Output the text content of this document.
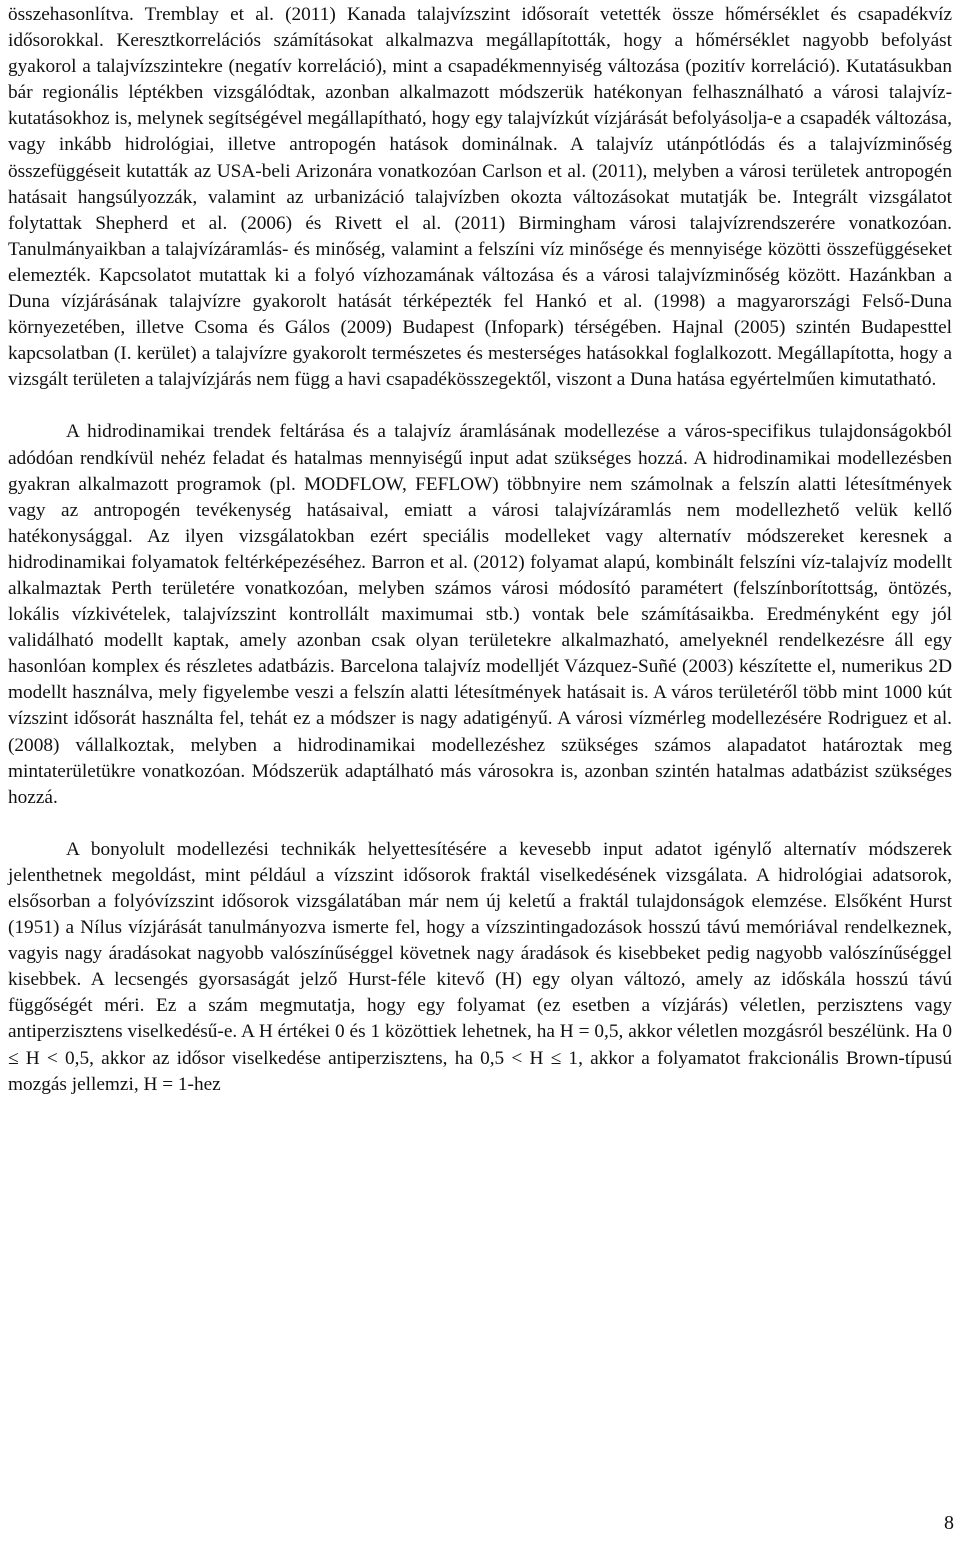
összehasonlítva. Tremblay et al. (2011) Kanada talajvízszint idősoraít vetették össze hőmérséklet és csapadékvíz idősorokkal. Keresztkorrelációs számításokat alkalmazva megállapították, hogy a hőmérséklet nagyobb befolyást gyakorol a talajvízszintekre (negatív korreláció), mint a csapadékmennyiség változása (pozitív korreláció). Kutatásukban bár regionális léptékben vizsgálódtak, azonban alkalmazott módszerük hatékonyan felhasználható a városi talajvíz-kutatásokhoz is, melynek segítségével megállapítható, hogy egy talajvízkút vízjárását befolyásolja-e a csapadék változása, vagy inkább hidrológiai, illetve antropogén hatások dominálnak. A talajvíz utánpótlódás és a talajvízminőség összefüggéseit kutatták az USA-beli Arizonára vonatkozóan Carlson et al. (2011), melyben a városi területek antropogén hatásait hangsúlyozzák, valamint az urbanizáció talajvízben okozta változásokat mutatják be. Integrált vizsgálatot folytattak Shepherd et al. (2006) és Rivett el al. (2011) Birmingham városi talajvízrendszerére vonatkozóan. Tanulmányaikban a talajvízáramlás- és minőség, valamint a felszíni víz minősége és mennyisége közötti összefüggéseket elemezték. Kapcsolatot mutattak ki a folyó vízhozamának változása és a városi talajvízminőség között. Hazánkban a Duna vízjárásának talajvízre gyakorolt hatását térképezték fel Hankó et al. (1998) a magyarországi Felső-Duna környezetében, illetve Csoma és Gálos (2009) Budapest (Infopark) térségében. Hajnal (2005) szintén Budapesttel kapcsolatban (I. kerület) a talajvízre gyakorolt természetes és mesterséges hatásokkal foglalkozott. Megállapította, hogy a vizsgált területen a talajvízjárás nem függ a havi csapadékösszegektől, viszont a Duna hatása egyértelműen kimutatható.

A hidrodinamikai trendek feltárása és a talajvíz áramlásának modellezése a város-specifikus tulajdonságokból adódóan rendkívül nehéz feladat és hatalmas mennyiségű input adat szükséges hozzá. A hidrodinamikai modellezésben gyakran alkalmazott programok (pl. MODFLOW, FEFLOW) többnyire nem számolnak a felszín alatti létesítmények vagy az antropogén tevékenység hatásaival, emiatt a városi talajvízáramlás nem modellezhető velük kellő hatékonysággal. Az ilyen vizsgálatokban ezért speciális modelleket vagy alternatív módszereket keresnek a hidrodinamikai folyamatok feltérképezéséhez. Barron et al. (2012) folyamat alapú, kombinált felszíni víz-talajvíz modellt alkalmaztak Perth területére vonatkozóan, melyben számos városi módosító paramétert (felszínborítottság, öntözés, lokális vízkivételek, talajvízszint kontrollált maximumai stb.) vontak bele számításaikba. Eredményként egy jól validálható modellt kaptak, amely azonban csak olyan területekre alkalmazható, amelyeknél rendelkezésre áll egy hasonlóan komplex és részletes adatbázis. Barcelona talajvíz modelljét Vázquez-Suñé (2003) készítette el, numerikus 2D modellt használva, mely figyelembe veszi a felszín alatti létesítmények hatásait is. A város területéről több mint 1000 kút vízszint idősorát használta fel, tehát ez a módszer is nagy adatigényű. A városi vízmérleg modellezésére Rodriguez et al. (2008) vállalkoztak, melyben a hidrodinamikai modellezéshez szükséges számos alapadatot határoztak meg mintaterületükre vonatkozóan. Módszerük adaptálható más városokra is, azonban szintén hatalmas adatbázist szükséges hozzá.

A bonyolult modellezési technikák helyettesítésére a kevesebb input adatot igénylő alternatív módszerek jelenthetnek megoldást, mint például a vízszint idősorok fraktál viselkedésének vizsgálata. A hidrológiai adatsorok, elsősorban a folyóvízszint idősorok vizsgálatában már nem új keletű a fraktál tulajdonságok elemzése. Elsőként Hurst (1951) a Nílus vízjárását tanulmányozva ismerte fel, hogy a vízszintingadozások hosszú távú memóriával rendelkeznek, vagyis nagy áradásokat nagyobb valószínűséggel követnek nagy áradások és kisebbeket pedig nagyobb valószínűséggel kisebbek. A lecsengés gyorsaságát jelző Hurst-féle kitevő (H) egy olyan változó, amely az időskála hosszú távú függőségét méri. Ez a szám megmutatja, hogy egy folyamat (ez esetben a vízjárás) véletlen, perzisztens vagy antiperzisztens viselkedésű-e. A H értékei 0 és 1 közöttiek lehetnek, ha H = 0,5, akkor véletlen mozgásról beszélünk. Ha 0 ≤ H < 0,5, akkor az idősor viselkedése antiperzisztens, ha 0,5 < H ≤ 1, akkor a folyamatot frakcionális Brown-típusú mozgás jellemzi, H = 1-hez

8
